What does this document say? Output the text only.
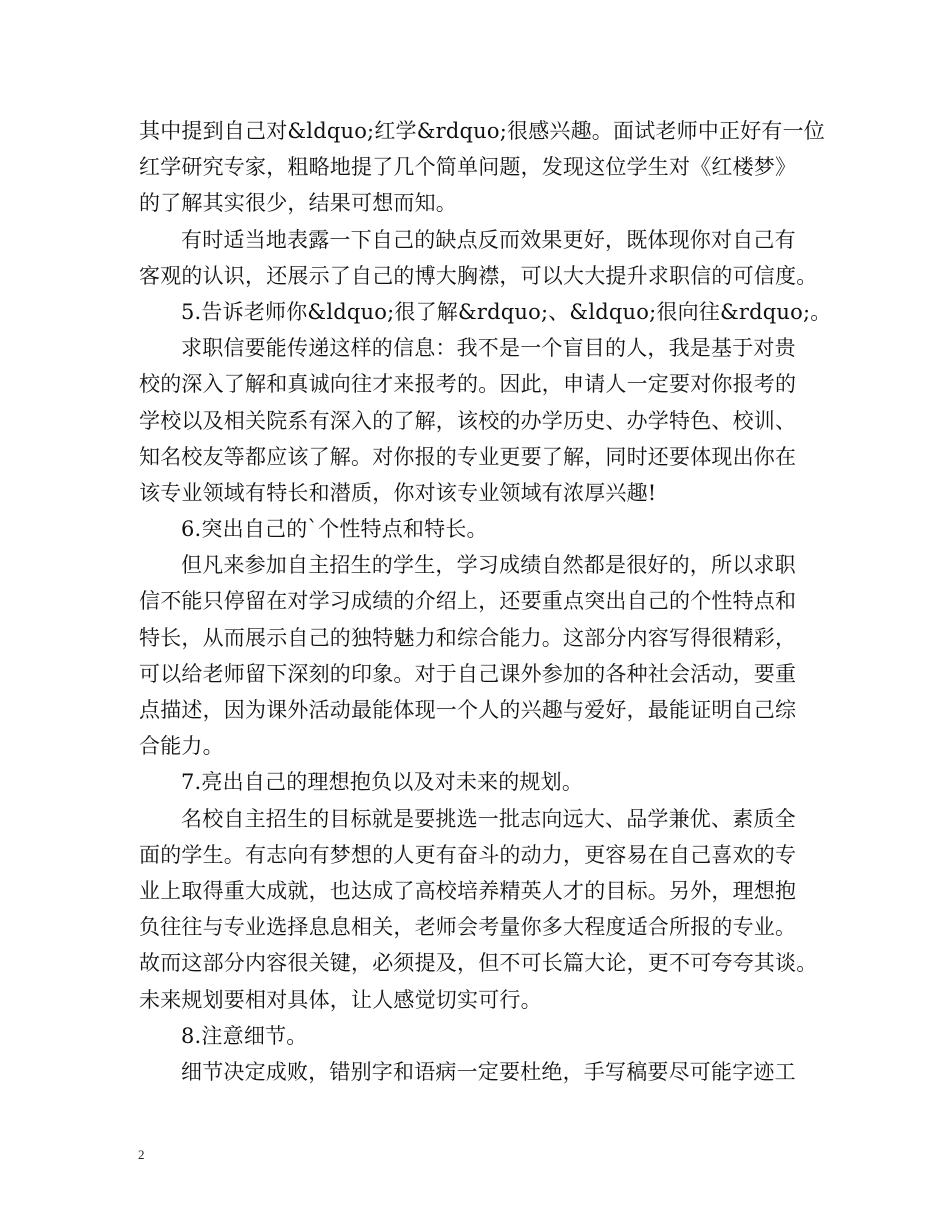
其中提到自己对&ldquo;红学&rdquo;很感兴趣。面试老师中正好有一位
红学研究专家，粗略地提了几个简单问题，发现这位学生对《红楼梦》
的了解其实很少，结果可想而知。
有时适当地表露一下自己的缺点反而效果更好，既体现你对自己有
客观的认识，还展示了自己的博大胸襟，可以大大提升求职信的可信度。
5.告诉老师你&ldquo;很了解&rdquo;、&ldquo;很向往&rdquo;。
求职信要能传递这样的信息：我不是一个盲目的人，我是基于对贵
校的深入了解和真诚向往才来报考的。因此，申请人一定要对你报考的
学校以及相关院系有深入的了解，该校的办学历史、办学特色、校训、
知名校友等都应该了解。对你报的专业更要了解，同时还要体现出你在
该专业领域有特长和潜质，你对该专业领域有浓厚兴趣!
6.突出自己的`个性特点和特长。
但凡来参加自主招生的学生，学习成绩自然都是很好的，所以求职
信不能只停留在对学习成绩的介绍上，还要重点突出自己的个性特点和
特长，从而展示自己的独特魅力和综合能力。这部分内容写得很精彩，
可以给老师留下深刻的印象。对于自己课外参加的各种社会活动，要重
点描述，因为课外活动最能体现一个人的兴趣与爱好，最能证明自己综
合能力。
7.亮出自己的理想抱负以及对未来的规划。
名校自主招生的目标就是要挑选一批志向远大、品学兼优、素质全
面的学生。有志向有梦想的人更有奋斗的动力，更容易在自己喜欢的专
业上取得重大成就，也达成了高校培养精英人才的目标。另外，理想抱
负往往与专业选择息息相关，老师会考量你多大程度适合所报的专业。
故而这部分内容很关键，必须提及，但不可长篇大论，更不可夸夸其谈。
未来规划要相对具体，让人感觉切实可行。
8.注意细节。
细节决定成败，错别字和语病一定要杜绝，手写稿要尽可能字迹工
2
